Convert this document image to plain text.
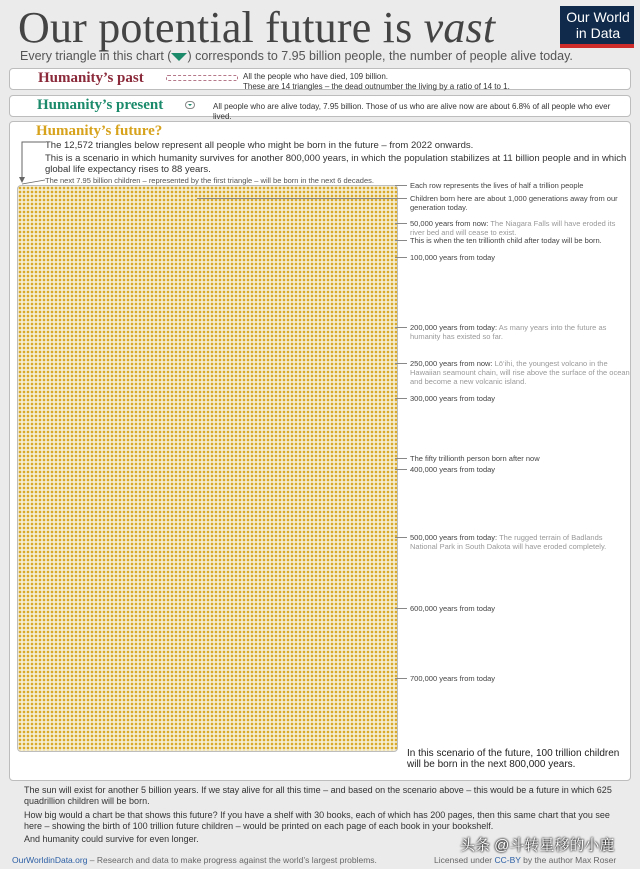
Our potential future is vast	Our World
in Data
Every triangle in this chart ( ) corresponds to 7.95 billion people, the number of people alive today.
Humanity’s past	All the people who have died, 109 billion.
These are 14 triangles – the dead outnumber the living by a ratio of 14 to 1.
Humanity’s present	All people who are alive today, 7.95 billion. Those of us who are alive now are about 6.8% of all people who ever lived.
Humanity’s future?
The 12,572 triangles below represent all people who might be born in the future – from 2022 onwards.
This is a scenario in which humanity survives for another 800,000 years, in which the population stabilizes at 11 billion people and in which global life expectancy rises to 88 years.
The next 7.95 billion children – represented by the first triangle – will be born in the next 6 decades.
Each row represents the lives of half a trillion people
Children born here are about 1,000 generations away from our generation today.
50,000 years from now: The Niagara Falls will have eroded its river bed and will cease to exist.
This is when the ten trillionth child after today will be born.
100,000 years from today
200,000 years from today: As many years into the future as humanity has existed so far.
250,000 years from now: Lō‘ihi, the youngest volcano in the Hawaiian seamount chain, will rise above the surface of the ocean and become a new volcanic island.
300,000 years from today
The fifty trillionth person born after now
400,000 years from today
500,000 years from today: The rugged terrain of Badlands National Park in South Dakota will have eroded completely.
600,000 years from today
700,000 years from today
In this scenario of the future, 100 trillion children will be born in the next 800,000 years.
The sun will exist for another 5 billion years. If we stay alive for all this time – and based on the scenario above – this would be a future in which 625 quadrillion children will be born.
How big would a chart be that shows this future? If you have a shelf with 30 books, each of which has 200 pages, then this same chart that you see here – showing the birth of 100 trillion future children – would be printed on each page of each book in your bookshelf.
And humanity could survive for even longer.
OurWorldinData.org – Research and data to make progress against the world’s largest problems.	Licensed under CC-BY by the author Max Roser
头条 @斗转星移的小鹿
